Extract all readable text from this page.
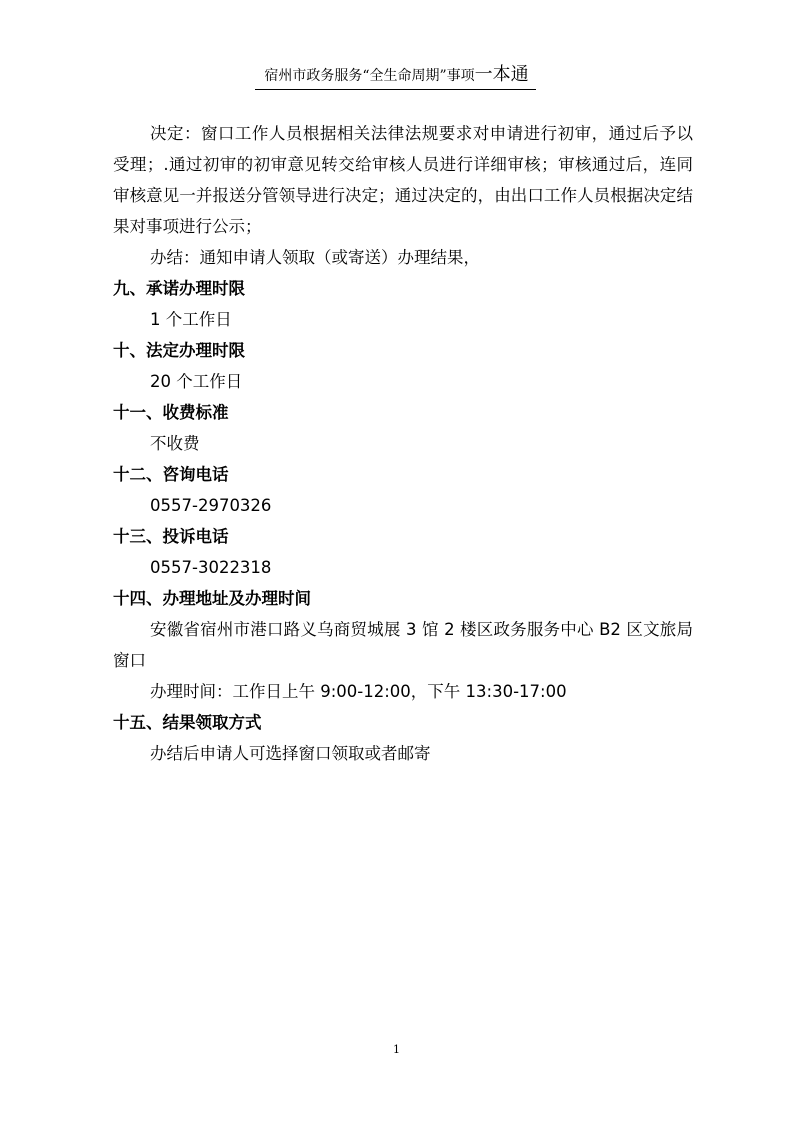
宿州市政务服务“全生命周期”事项一本通

决定：窗口工作人员根据相关法律法规要求对申请进行初审，通过后予以受理；.通过初审的初审意见转交给审核人员进行详细审核；审核通过后，连同审核意见一并报送分管领导进行决定；通过决定的，由出口工作人员根据决定结果对事项进行公示；

办结：通知申请人领取（或寄送）办理结果，

九、承诺办理时限

1 个工作日

十、法定办理时限

20 个工作日

十一、收费标准

不收费

十二、咨询电话

0557-2970326

十三、投诉电话

0557-3022318

十四、办理地址及办理时间

安徽省宿州市港口路义乌商贸城展 3 馆 2 楼区政务服务中心 B2 区文旅局窗口

办理时间：工作日上午 9:00-12:00，下午 13:30-17:00

十五、结果领取方式

办结后申请人可选择窗口领取或者邮寄

1
